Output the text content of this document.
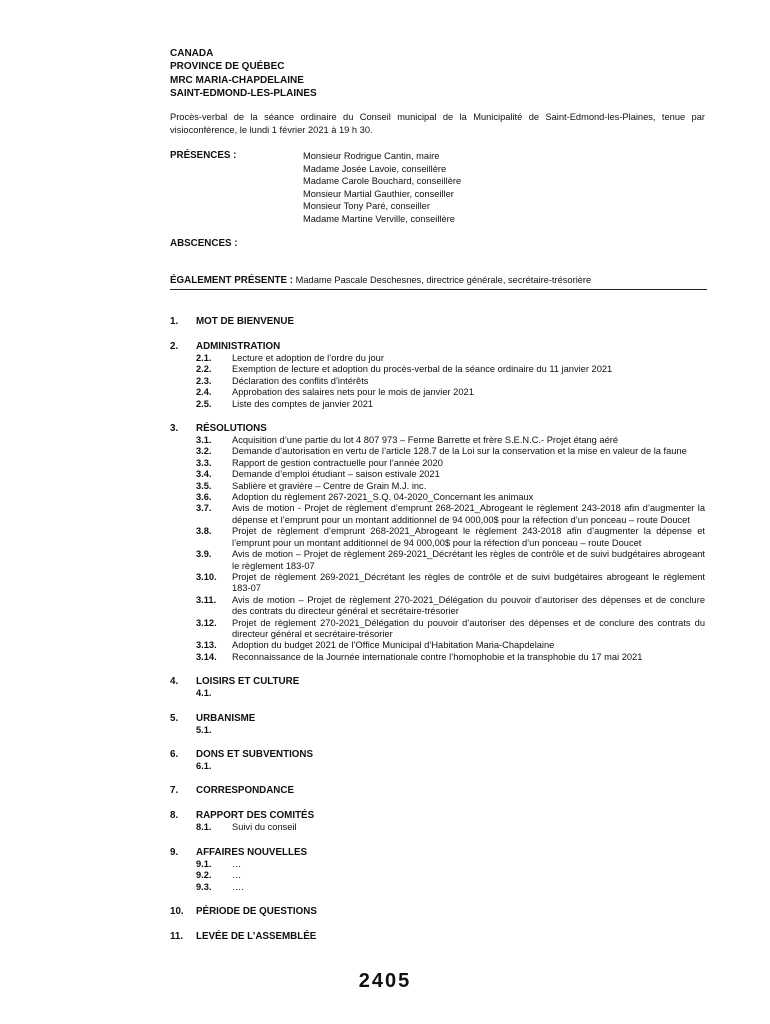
CANADA
PROVINCE DE QUÉBEC
MRC MARIA-CHAPDELAINE
SAINT-EDMOND-LES-PLAINES
Procès-verbal de la séance ordinaire du Conseil municipal de la Municipalité de Saint-Edmond-les-Plaines, tenue par visioconférence, le lundi 1 février 2021 à 19 h 30.
PRÉSENCES :	Monsieur Rodrigue Cantin, maire
Madame Josée Lavoie, conseillère
Madame Carole Bouchard, conseillère
Monsieur Martial Gauthier, conseiller
Monsieur Tony Paré, conseiller
Madame Martine Verville, conseillère
ABSCENCES :
ÉGALEMENT PRÉSENTE : Madame Pascale Deschesnes, directrice générale, secrétaire-trésorière
1.	MOT DE BIENVENUE
2.	ADMINISTRATION
2.1.	Lecture et adoption de l’ordre du jour
2.2.	Exemption de lecture et adoption du procès-verbal de la séance ordinaire du 11 janvier 2021
2.3.	Déclaration des conflits d’intérêts
2.4.	Approbation des salaires nets pour le mois de janvier 2021
2.5.	Liste des comptes de janvier 2021
3.	RÉSOLUTIONS
3.1.	Acquisition d’une partie du lot 4 807 973 – Ferme Barrette et frère S.E.N.C.- Projet étang aéré
3.2.	Demande d’autorisation en vertu de l’article 128.7 de la Loi sur la conservation et la mise en valeur de la faune
3.3.	Rapport de gestion contractuelle pour l’année 2020
3.4.	Demande d’emploi étudiant – saison estivale 2021
3.5.	Sablière et gravière – Centre de Grain M.J. inc.
3.6.	Adoption du règlement 267-2021_S.Q. 04-2020_Concernant les animaux
3.7.	Avis de motion - Projet de règlement d’emprunt 268-2021_Abrogeant le règlement 243-2018 afin d’augmenter la dépense et l’emprunt pour un montant additionnel de 94 000,00$ pour la réfection d’un ponceau – route Doucet
3.8.	Projet de règlement d’emprunt 268-2021_Abrogeant le règlement 243-2018 afin d’augmenter la dépense et l’emprunt pour un montant additionnel de 94 000,00$ pour la réfection d’un ponceau – route Doucet
3.9.	Avis de motion – Projet de règlement 269-2021_Décrétant les règles de contrôle et de suivi budgétaires abrogeant le règlement 183-07
3.10.	Projet de règlement 269-2021_Décrétant les règles de contrôle et de suivi budgétaires abrogeant le règlement 183-07
3.11.	Avis de motion – Projet de règlement 270-2021_Délégation du pouvoir d’autoriser des dépenses et de conclure des contrats du directeur général et secrétaire-trésorier
3.12.	Projet de règlement 270-2021_Délégation du pouvoir d’autoriser des dépenses et de conclure des contrats du directeur général et secrétaire-trésorier
3.13.	Adoption du budget 2021 de l’Office Municipal d’Habitation Maria-Chapdelaine
3.14.	Reconnaissance de la Journée internationale contre l’homophobie et la transphobie du 17 mai 2021
4.	LOISIRS ET CULTURE
4.1.
5.	URBANISME
5.1.
6.	DONS ET SUBVENTIONS
6.1.
7.	CORRESPONDANCE
8.	RAPPORT DES COMITÉS
8.1.	Suivi du conseil
9.	AFFAIRES NOUVELLES
9.1.	…
9.2.	…
9.3.	….
10.	PÉRIODE DE QUESTIONS
11.	LEVÉE DE L’ASSEMBLÉE
2405
